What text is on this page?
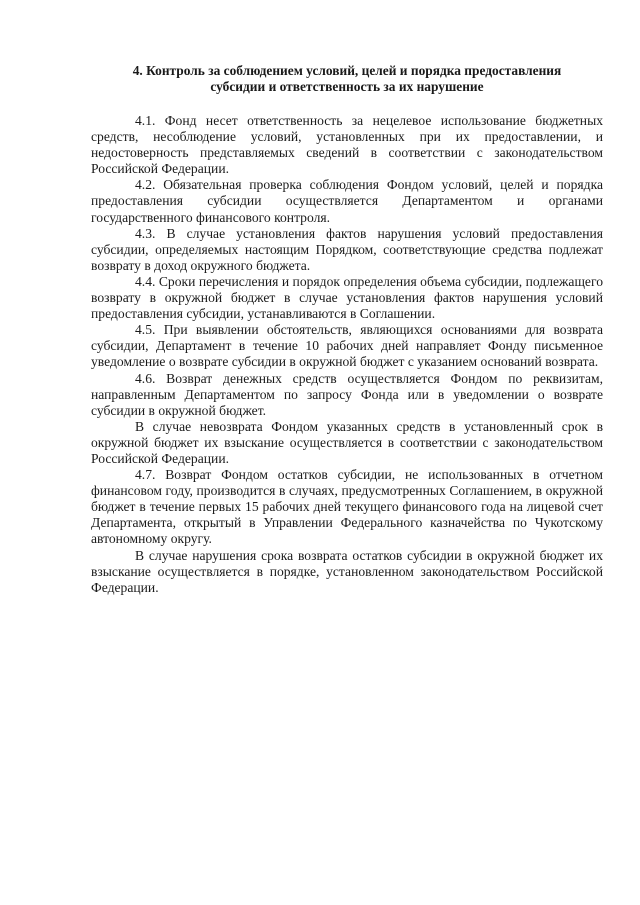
4. Контроль за соблюдением условий, целей и порядка предоставления
субсидии и ответственность за их нарушение

4.1. Фонд несет ответственность за нецелевое использование бюджетных средств, несоблюдение условий, установленных при их предоставлении, и недостоверность представляемых сведений в соответствии с законодательством Российской Федерации.

4.2. Обязательная проверка соблюдения Фондом условий, целей и порядка предоставления субсидии осуществляется Департаментом и органами государственного финансового контроля.

4.3. В случае установления фактов нарушения условий предоставления субсидии, определяемых настоящим Порядком, соответствующие средства подлежат возврату в доход окружного бюджета.

4.4. Сроки перечисления и порядок определения объема субсидии, подлежащего возврату в окружной бюджет в случае установления фактов нарушения условий предоставления субсидии, устанавливаются в Соглашении.

4.5. При выявлении обстоятельств, являющихся основаниями для возврата субсидии, Департамент в течение 10 рабочих дней направляет Фонду письменное уведомление о возврате субсидии в окружной бюджет с указанием оснований возврата.

4.6. Возврат денежных средств осуществляется Фондом по реквизитам, направленным Департаментом по запросу Фонда или в уведомлении о возврате субсидии в окружной бюджет.

В случае невозврата Фондом указанных средств в установленный срок в окружной бюджет их взыскание осуществляется в соответствии с законодательством Российской Федерации.

4.7. Возврат Фондом остатков субсидии, не использованных в отчетном финансовом году, производится в случаях, предусмотренных Соглашением, в окружной бюджет в течение первых 15 рабочих дней текущего финансового года на лицевой счет Департамента, открытый в Управлении Федерального казначейства по Чукотскому автономному округу.

В случае нарушения срока возврата остатков субсидии в окружной бюджет их взыскание осуществляется в порядке, установленном законодательством Российской Федерации.
